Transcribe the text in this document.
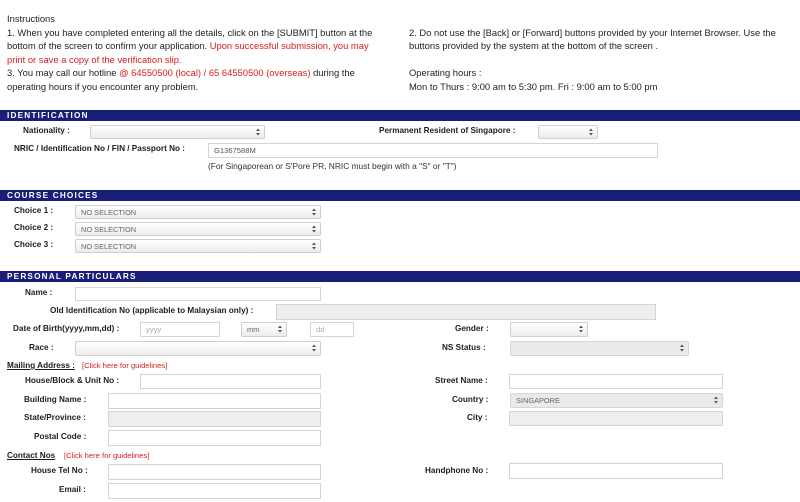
Instructions
1. When you have completed entering all the details, click on the [SUBMIT] button at the
bottom of the screen to confirm your application. Upon successful submission, you may
print or save a copy of the verification slip.
3. You may call our hotline @ 64550500 (local) / 65 64550500 (overseas) during the
operating hours if you encounter any problem.
2. Do not use the [Back] or [Forward] buttons provided by your Internet Browser. Use the
buttons provided by the system at the bottom of the screen .
Operating hours :
Mon to Thurs : 9:00 am to 5:30 pm. Fri : 9:00 am to 5:00 pm
IDENTIFICATION
Nationality :	Permanent Resident of Singapore :
NRIC / Identification No / FIN / Passport No :	G1367588M
(For Singaporean or S'Pore PR, NRIC must begin with a "S" or "T")
COURSE CHOICES
Choice 1 :	NO SELECTION
Choice 2 :	NO SELECTION
Choice 3 :	NO SELECTION
PERSONAL PARTICULARS
Name :
Old Identification No (applicable to Malaysian only) :
Date of Birth(yyyy,mm,dd) :	yyyy	mm	dd	Gender :
Race :	NS Status :
Mailing Address : [Click here for guidelines]
House/Block & Unit No :	Street Name :
Building Name :	Country :	SINGAPORE
State/Province :	City :
Postal Code :
Contact Nos [Click here for guidelines]
House Tel No :	Handphone No :
Email :
